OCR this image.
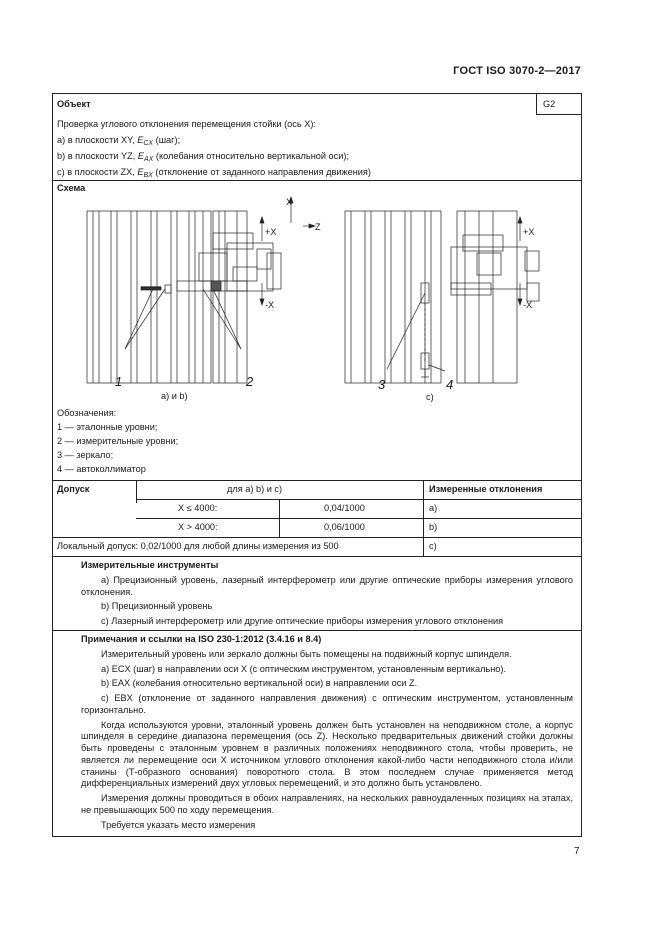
ГОСТ ISO 3070-2—2017
Объект	G2
Проверка углового отклонения перемещения стойки (ось X):
a) в плоскости XY, $E_{CX}$ (шаг);
b) в плоскости YZ, $E_{AX}$ (колебания относительно вертикальной оси);
c) в плоскости ZX, $E_{BX}$ (отклонение от заданного направления движения)
Схема
X
Z
+X
-X
+X
-X
1	2	3	4
а) и b)	c)
Обозначения:
1 — эталонные уровни;
2 — измерительные уровни;
3 — зеркало;
4 — автоколлиматор
Допуск	для a) b) и c)	Измеренные отклонения
X ≤ 4000:	0,04/1000	a)
X > 4000:	0,06/1000	b)
Локальный допуск: 0,02/1000 для любой длины измерения из 500	c)

Измерительные инструменты

a) Прецизионный уровень, лазерный интерферометр или другие оптические приборы измерения углового отклонения.

b) Прецизионный уровень

c) Лазерный интерферометр или другие оптические приборы измерения углового отклонения

Примечания и ссылки на ISO 230-1:2012 (3.4.16 и 8.4)

Измерительный уровень или зеркало должны быть помещены на подвижный корпус шпинделя.

a) ECX (шаг) в направлении оси X (с оптическим инструментом, установленным вертикально).

b) EAX (колебания относительно вертикальной оси) в направлении оси Z.

c) EBX (отклонение от заданного направления движения) с оптическим инструментом, установленным горизонтально.

Когда используются уровни, эталонный уровень должен быть установлен на неподвижном столе, а корпус шпинделя в середине диапазона перемещения (ось Z). Несколько предварительных движений стойки должны быть проведены с эталонным уровнем в различных положениях неподвижного стола, чтобы проверить, не является ли перемещение оси X источником углового отклонения какой-либо части неподвижного стола и/или станины (Т-образного основания) поворотного стола. В этом последнем случае применяется метод дифференциальных измерений двух угловых перемещений, и это должно быть установлено.

Измерения должны проводиться в обоих направлениях, на нескольких равноудаленных позициях на этапах, не превышающих 500 по ходу перемещения.

Требуется указать место измерения

7
